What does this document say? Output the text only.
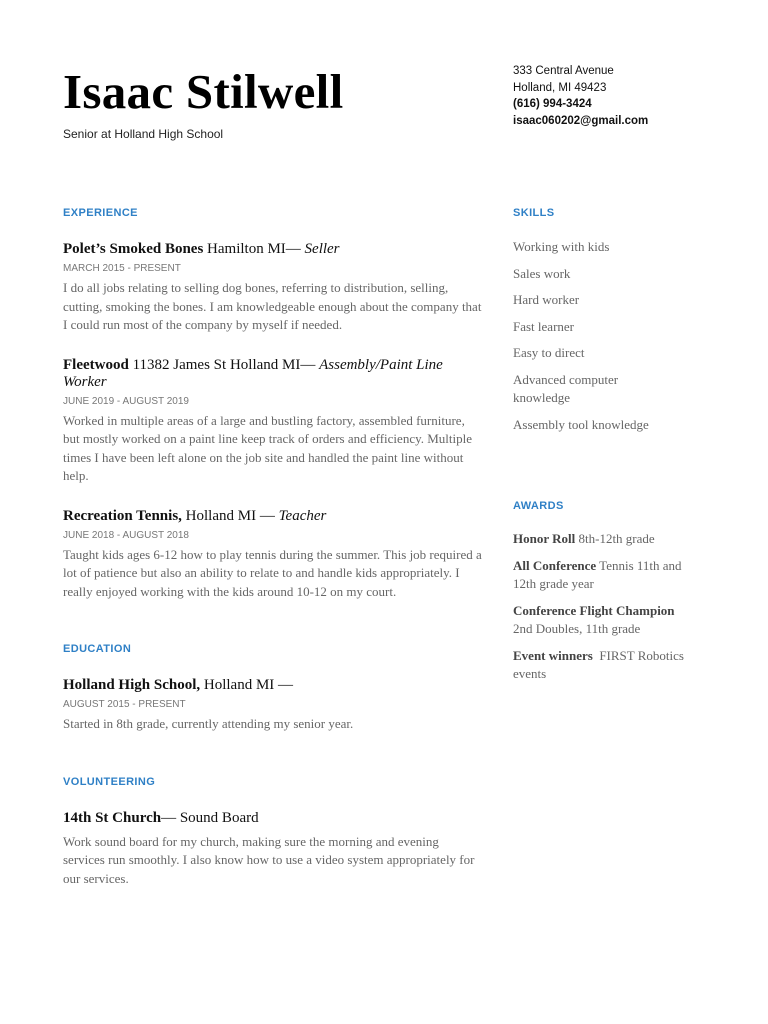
Isaac Stilwell
Senior at Holland High School
333 Central Avenue
Holland, MI 49423
(616) 994-3424
isaac060202@gmail.com
EXPERIENCE
Polet’s Smoked Bones Hamilton MI— Seller
MARCH 2015 - PRESENT
I do all jobs relating to selling dog bones, referring to distribution, selling, cutting, smoking the bones. I am knowledgeable enough about the company that I could run most of the company by myself if needed.
Fleetwood 11382 James St Holland MI— Assembly/Paint Line Worker
JUNE 2019 - AUGUST 2019
Worked in multiple areas of a large and bustling factory, assembled furniture, but mostly worked on a paint line keep track of orders and efficiency. Multiple times I have been left alone on the job site and handled the paint line without help.
Recreation Tennis, Holland MI — Teacher
JUNE 2018 - AUGUST 2018
Taught kids ages 6-12 how to play tennis during the summer. This job required a lot of patience but also an ability to relate to and handle kids appropriately. I really enjoyed working with the kids around 10-12 on my court.
EDUCATION
Holland High School, Holland MI —
AUGUST 2015 - PRESENT
Started in 8th grade, currently attending my senior year.
VOLUNTEERING
14th St Church— Sound Board
Work sound board for my church, making sure the morning and evening services run smoothly. I also know how to use a video system appropriately for our services.
SKILLS
Working with kids
Sales work
Hard worker
Fast learner
Easy to direct
Advanced computer knowledge
Assembly tool knowledge
AWARDS
Honor Roll 8th-12th grade
All Conference Tennis 11th and 12th grade year
Conference Flight Champion 2nd Doubles, 11th grade
Event winners  FIRST Robotics events
